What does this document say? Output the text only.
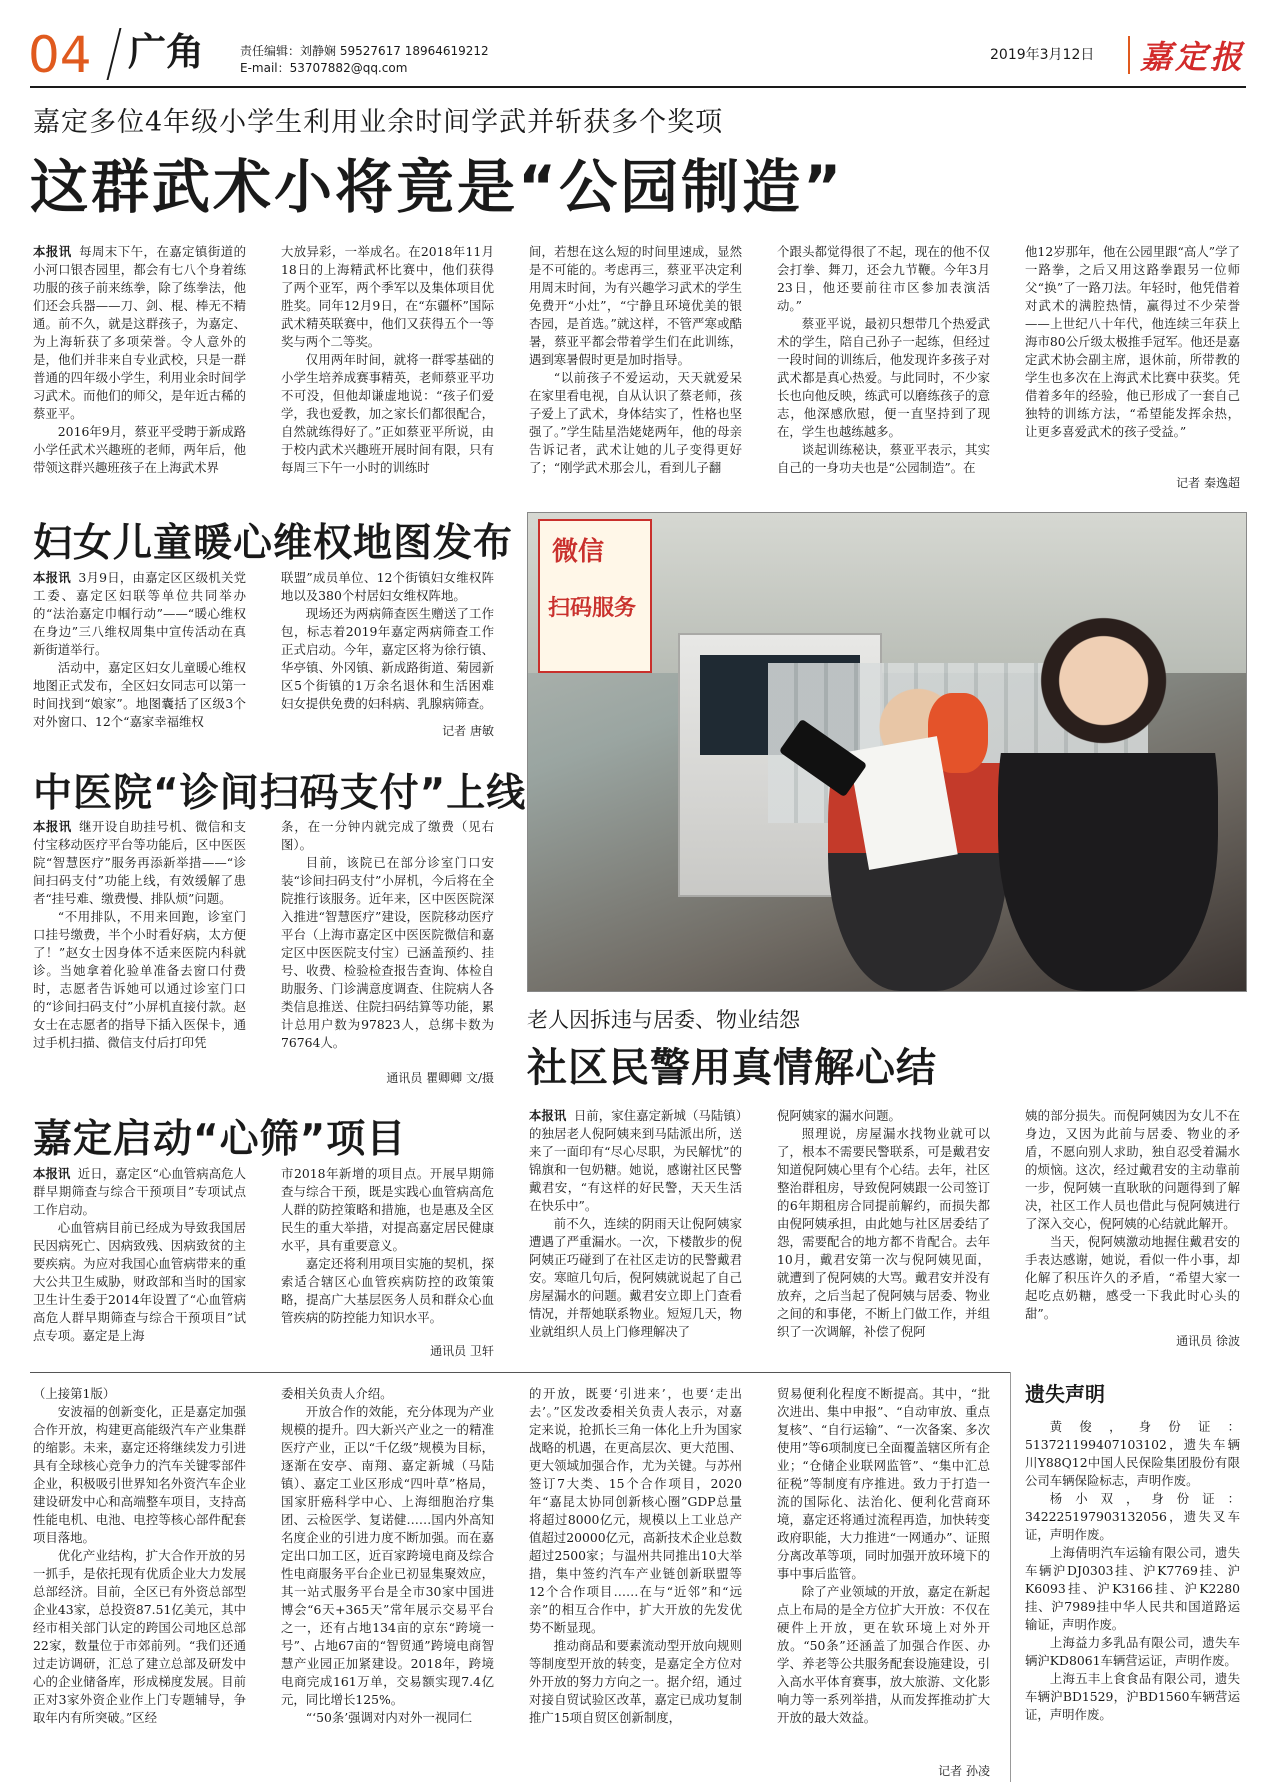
04 广角	责任编辑：刘静娴 59527617 18964619212
E-mail：53707882@qq.com
2019年3月12日 嘉定报
嘉定多位4年级小学生利用业余时间学武并斩获多个奖项
这群武术小将竟是“公园制造”

本报讯 每周末下午，在嘉定镇街道的小河口银杏园里，都会有七八个身着练功服的孩子前来练拳，除了练拳法，他们还会兵器——刀、剑、棍、棒无不精通。前不久，就是这群孩子，为嘉定、为上海斩获了多项荣誉。令人意外的是，他们并非来自专业武校，只是一群普通的四年级小学生，利用业余时间学习武术。而他们的师父，是年近古稀的蔡亚平。

2016年9月，蔡亚平受聘于新成路小学任武术兴趣班的老师，两年后，他带领这群兴趣班孩子在上海武术界

大放异彩，一举成名。在2018年11月18日的上海精武杯比赛中，他们获得了两个亚军，两个季军以及集体项目优胜奖。同年12月9日，在“东疆杯”国际武术精英联赛中，他们又获得五个一等奖与两个二等奖。

仅用两年时间，就将一群零基础的小学生培养成赛事精英，老师蔡亚平功不可没，但他却谦虚地说：“孩子们爱学，我也爱教，加之家长们都很配合，自然就练得好了。”正如蔡亚平所说，由于校内武术兴趣班开展时间有限，只有每周三下午一小时的训练时

间，若想在这么短的时间里速成，显然是不可能的。考虑再三，蔡亚平决定利用周末时间，为有兴趣学习武术的学生免费开“小灶”，“宁静且环境优美的银杏园，是首选。”就这样，不管严寒或酷暑，蔡亚平都会带着学生们在此训练，遇到寒暑假时更是加时指导。

“以前孩子不爱运动，天天就爱呆在家里看电视，自从认识了蔡老师，孩子爱上了武术，身体结实了，性格也坚强了。”学生陆星浩姥姥两年，他的母亲告诉记者，武术让她的儿子变得更好了；“刚学武术那会儿，看到儿子翻

个跟头都觉得很了不起，现在的他不仅会打拳、舞刀，还会九节鞭。今年3月23日，他还要前往市区参加表演活动。”

蔡亚平说，最初只想带几个热爱武术的学生，陪自己孙子一起练，但经过一段时间的训练后，他发现许多孩子对武术都是真心热爱。与此同时，不少家长也向他反映，练武可以磨练孩子的意志，他深感欣慰，便一直坚持到了现在，学生也越练越多。

谈起训练秘诀，蔡亚平表示，其实自己的一身功夫也是“公园制造”。在

他12岁那年，他在公园里跟“高人”学了一路拳，之后又用这路拳跟另一位师父“换”了一路刀法。年轻时，他凭借着对武术的满腔热情，赢得过不少荣誉——上世纪八十年代，他连续三年获上海市80公斤级太极推手冠军。他还是嘉定武术协会副主席，退休前，所带教的学生也多次在上海武术比赛中获奖。凭借着多年的经验，他已形成了一套自己独特的训练方法，“希望能发挥余热，让更多喜爱武术的孩子受益。”

记者 秦逸超
妇女儿童暖心维权地图发布

本报讯 3月9日，由嘉定区区级机关党工委、嘉定区妇联等单位共同举办的“法治嘉定巾帼行动”——“暖心维权在身边”三八维权周集中宣传活动在真新街道举行。

活动中，嘉定区妇女儿童暖心维权地图正式发布，全区妇女同志可以第一时间找到“娘家”。地图囊括了区级3个对外窗口、12个“嘉家幸福维权

联盟”成员单位、12个街镇妇女维权阵地以及380个村居妇女维权阵地。

现场还为两病筛查医生赠送了工作包，标志着2019年嘉定两病筛查工作正式启动。今年，嘉定区将为徐行镇、华亭镇、外冈镇、新成路街道、菊园新区5个街镇的1万余名退休和生活困难妇女提供免费的妇科病、乳腺病筛查。

记者 唐敏
中医院“诊间扫码支付”上线

本报讯 继开设自助挂号机、微信和支付宝移动医疗平台等功能后，区中医医院“智慧医疗”服务再添新举措——“诊间扫码支付”功能上线，有效缓解了患者“挂号难、缴费慢、排队烦”问题。

“不用排队，不用来回跑，诊室门口挂号缴费，半个小时看好病，太方便了！”赵女士因身体不适来医院内科就诊。当她拿着化验单准备去窗口付费时，志愿者告诉她可以通过诊室门口的“诊间扫码支付”小屏机直接付款。赵女士在志愿者的指导下插入医保卡，通过手机扫描、微信支付后打印凭

条，在一分钟内就完成了缴费（见右图）。

目前，该院已在部分诊室门口安装“诊间扫码支付”小屏机，今后将在全院推行该服务。近年来，区中医医院深入推进“智慧医疗”建设，医院移动医疗平台（上海市嘉定区中医医院微信和嘉定区中医医院支付宝）已涵盖预约、挂号、收费、检验检查报告查询、体检自助服务、门诊满意度调查、住院病人各类信息推送、住院扫码结算等功能，累计总用户数为97823人，总绑卡数为76764人。

通讯员 瞿卿卿 文/摄
微信
扫码服务
老人因拆违与居委、物业结怨
社区民警用真情解心结

本报讯 日前，家住嘉定新城（马陆镇）的独居老人倪阿姨来到马陆派出所，送来了一面印有“尽心尽职，为民解忧”的锦旗和一包奶糖。她说，感谢社区民警戴君安，“有这样的好民警，天天生活在快乐中”。

前不久，连续的阴雨天让倪阿姨家遭遇了严重漏水。一次，下楼散步的倪阿姨正巧碰到了在社区走访的民警戴君安。寒暄几句后，倪阿姨就说起了自己房屋漏水的问题。戴君安立即上门查看情况，并帮她联系物业。短短几天，物业就组织人员上门修理解决了

倪阿姨家的漏水问题。

照理说，房屋漏水找物业就可以了，根本不需要民警联系，可是戴君安知道倪阿姨心里有个心结。去年，社区整治群租房，导致倪阿姨跟一公司签订的6年期租房合同提前解约，而损失都由倪阿姨承担，由此她与社区居委结了怨，需要配合的地方都不肯配合。去年10月，戴君安第一次与倪阿姨见面，就遭到了倪阿姨的大骂。戴君安并没有放弃，之后当起了倪阿姨与居委、物业之间的和事佬，不断上门做工作，并组织了一次调解，补偿了倪阿

姨的部分损失。而倪阿姨因为女儿不在身边，又因为此前与居委、物业的矛盾，不愿向别人求助，独自忍受着漏水的烦恼。这次，经过戴君安的主动靠前一步，倪阿姨一直耿耿的问题得到了解决，社区工作人员也借此与倪阿姨进行了深入交心，倪阿姨的心结就此解开。

当天，倪阿姨激动地握住戴君安的手表达感谢，她说，看似一件小事，却化解了积压许久的矛盾，“希望大家一起吃点奶糖，感受一下我此时心头的甜”。

通讯员 徐波
嘉定启动“心筛”项目

本报讯 近日，嘉定区“心血管病高危人群早期筛查与综合干预项目”专项试点工作启动。

心血管病目前已经成为导致我国居民因病死亡、因病致残、因病致贫的主要疾病。为应对我国心血管病带来的重大公共卫生威胁，财政部和当时的国家卫生计生委于2014年设置了“心血管病高危人群早期筛查与综合干预项目”试点专项。嘉定是上海

市2018年新增的项目点。开展早期筛查与综合干预，既是实践心血管病高危人群的防控策略和措施，也是惠及全区民生的重大举措，对提高嘉定居民健康水平，具有重要意义。

嘉定还将利用项目实施的契机，探索适合辖区心血管疾病防控的政策策略，提高广大基层医务人员和群众心血管疾病的防控能力知识水平。

通讯员 卫轩

（上接第1版）

安波福的创新变化，正是嘉定加强合作开放，构建更高能级汽车产业集群的缩影。未来，嘉定还将继续发力引进具有全球核心竞争力的汽车关键零部件企业，积极吸引世界知名外资汽车企业建设研发中心和高端整车项目，支持高性能电机、电池、电控等核心部件配套项目落地。

优化产业结构，扩大合作开放的另一抓手，是依托现有优质企业大力发展总部经济。目前，全区已有外资总部型企业43家，总投资87.51亿美元，其中经市相关部门认定的跨国公司地区总部22家，数量位于市郊前列。“我们还通过走访调研，汇总了建立总部及研发中心的企业储备库，形成梯度发展。目前正对3家外资企业作上门专题辅导，争取年内有所突破。”区经

委相关负责人介绍。

开放合作的效能，充分体现为产业规模的提升。四大新兴产业之一的精准医疗产业，正以“千亿级”规模为目标，逐渐在安亭、南翔、嘉定新城（马陆镇）、嘉定工业区形成“四叶草”格局，国家肝癌科学中心、上海细胞治疗集团、云检医学、复诺健……国内外高知名度企业的引进力度不断加强。而在嘉定出口加工区，近百家跨境电商及综合性电商服务平台企业已初显集聚效应，其一站式服务平台是全市30家中国进博会“6天+365天”常年展示交易平台之一，还有占地134亩的京东“跨境一号”、占地67亩的“智贸通”跨境电商智慧产业园正加紧建设。2018年，跨境电商完成161万单，交易额实现7.4亿元，同比增长125%。

“‘50条’强调对内对外一视同仁

的开放，既要‘引进来’，也要‘走出去’。”区发改委相关负责人表示，对嘉定来说，抢抓长三角一体化上升为国家战略的机遇，在更高层次、更大范围、更大领域加强合作，尤为关键。与苏州签订7大类、15个合作项目，2020年“嘉昆太协同创新核心圈”GDP总量将超过8000亿元，规模以上工业总产值超过20000亿元，高新技术企业总数超过2500家；与温州共同推出10大举措，集中签约汽车产业链创新联盟等12个合作项目……在与“近邻”和“远亲”的相互合作中，扩大开放的先发优势不断显现。

推动商品和要素流动型开放向规则等制度型开放的转变，是嘉定全方位对外开放的努力方向之一。据介绍，通过对接自贸试验区改革，嘉定已成功复制推广15项自贸区创新制度，

贸易便利化程度不断提高。其中，“批次进出、集中申报”、“自动审放、重点复核”、“自行运输”、“一次备案、多次使用”等6项制度已全面覆盖辖区所有企业；“仓储企业联网监管”、“集中汇总征税”等制度有序推进。致力于打造一流的国际化、法治化、便利化营商环境，嘉定还将通过流程再造，加快转变政府职能，大力推进“一网通办”、证照分离改革等项，同时加强开放环境下的事中事后监管。

除了产业领域的开放，嘉定在新起点上布局的是全方位扩大开放：不仅在硬件上开放，更在软环境上对外开放。“50条”还涵盖了加强合作医、办学、养老等公共服务配套设施建设，引入高水平体育赛事，放大旅游、文化影响力等一系列举措，从而发挥推动扩大开放的最大效益。

记者 孙凌
遗失声明

黄俊，身份证：513721199407103102，遗失车辆川Y88Q12中国人民保险集团股份有限公司车辆保险标志，声明作废。

杨小双，身份证：342225197903132056，遗失叉车证，声明作废。

上海倩明汽车运输有限公司，遗失车辆沪DJ0303挂、沪K7769挂、沪K6093挂、沪K3166挂、沪K2280挂、沪7989挂中华人民共和国道路运输证，声明作废。

上海益力多乳品有限公司，遗失车辆沪KD8061车辆营运证，声明作废。

上海五丰上食食品有限公司，遗失车辆沪BD1529，沪BD1560车辆营运证，声明作废。
